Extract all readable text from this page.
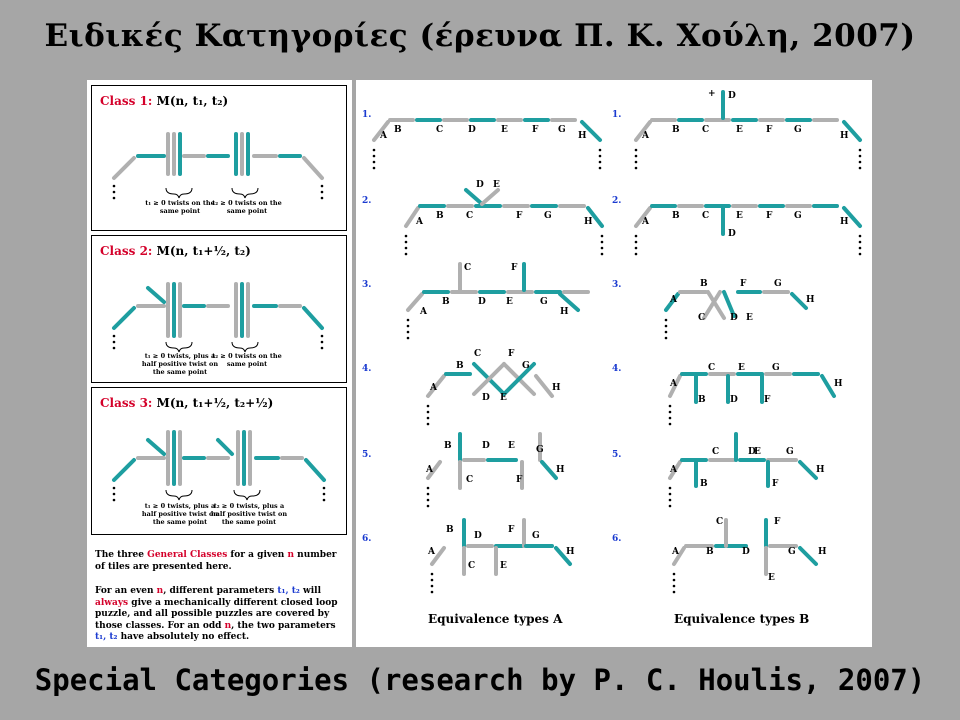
Ειδικές Κατηγορίες (έρευνα Π. Κ. Χούλη, 2007)
Class 1: M(n, t₁, t₂)
t₁ ≥ 0 twists on the same point
t₂ ≥ 0 twists on the same point
Class 2: M(n, t₁+½, t₂)
t₁ ≥ 0 twists, plus a half positive twist on the same point
t₂ ≥ 0 twists on the same point
Class 3: M(n, t₁+½, t₂+½)
t₁ ≥ 0 twists, plus a half positive twist on the same point
t₂ ≥ 0 twists, plus a half positive twist on the same point
The three General Classes for a given n number of tiles are presented here.
For an even n, different parameters t₁, t₂ will always give a mechanically different closed loop puzzle, and all possible puzzles are covered by those classes. For an odd n, the two parameters t₁, t₂ have absolutely no effect.
1.
2.
3.
4.
5.
6.
1.
2.
3.
4.
5.
6.
A
B	C	D	E	F G
H
+
A
B C
D
E	F G
H
A
B C
D E
F G
H	A
B C
D
E	F G
H
A
B
C
D E
F
G
H
A
B
C	D E
F	G
H
A
B
C
D E
F
G
H	A
B
C
D
E
F
G
H
A
B
C
D E
F
G
H	A
B
C	D
E
F
G
H
A
B
C
D
E
F
G
H	A	B
C
D
E
F
G H
Equivalence types A	Equivalence types B
Special Categories (research by P. C. Houlis, 2007)
